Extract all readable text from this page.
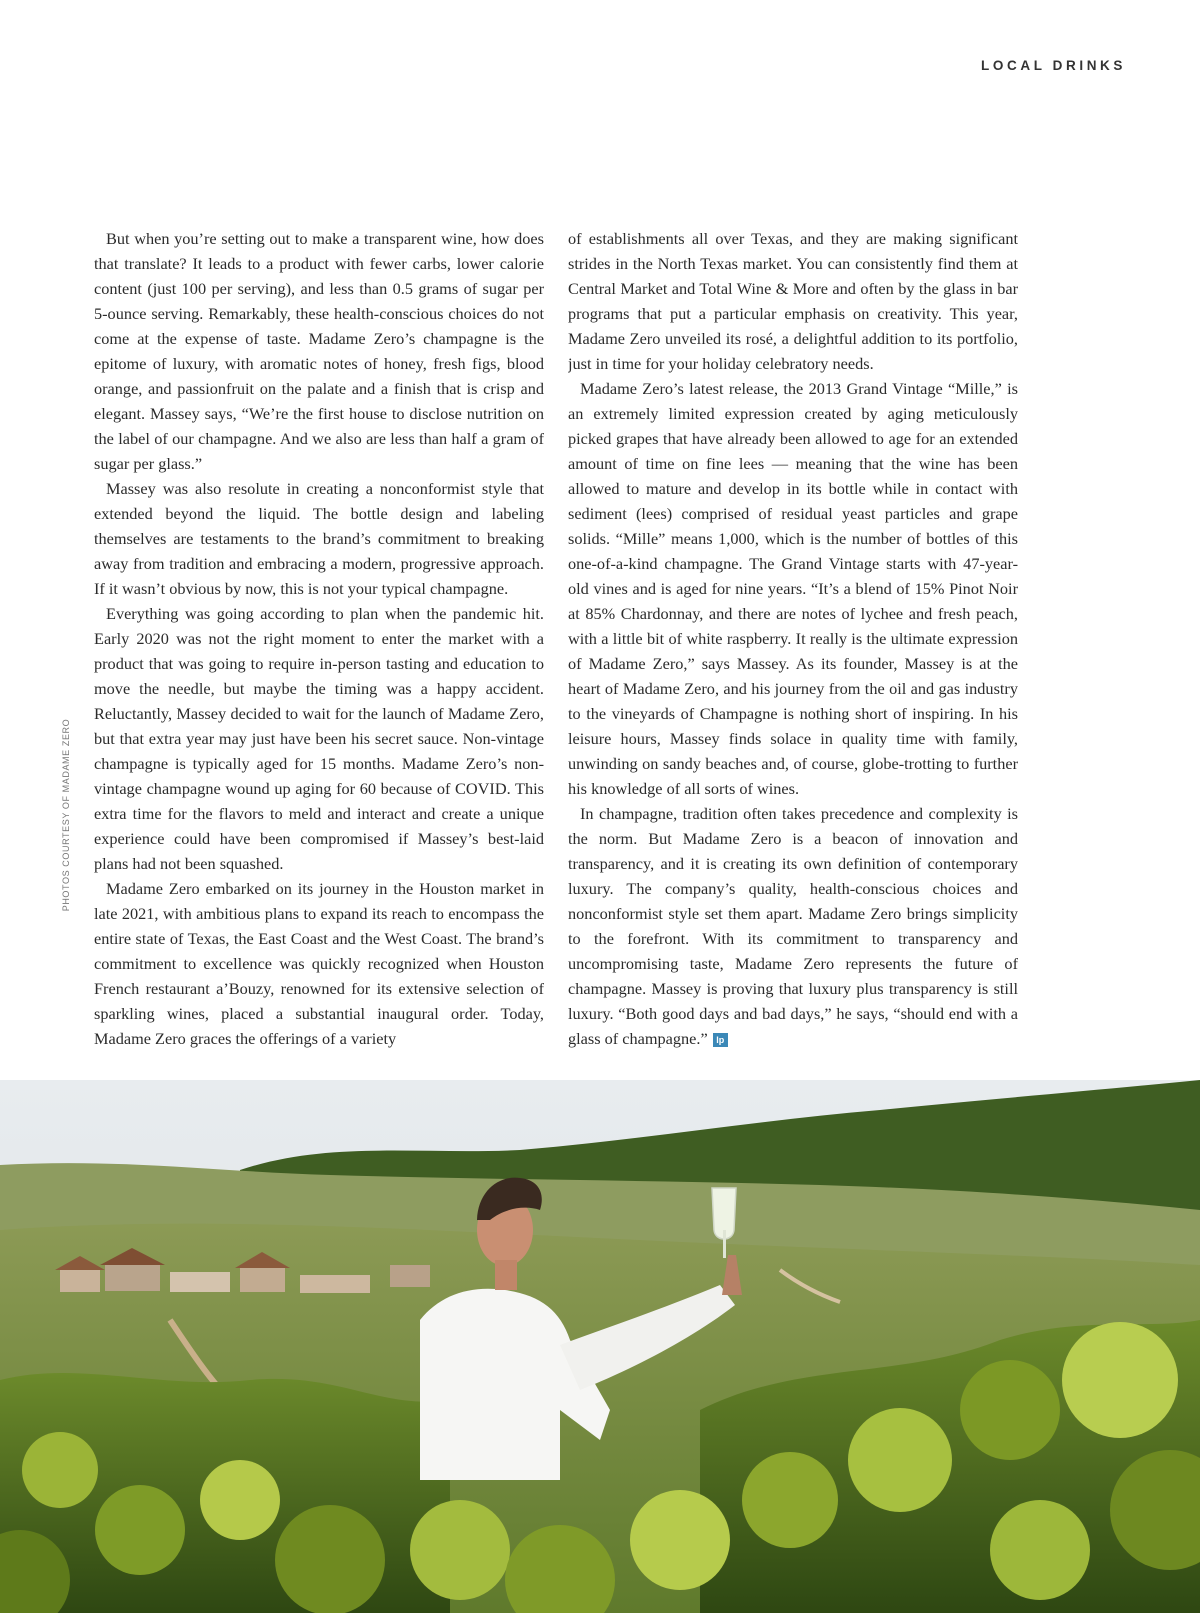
LOCAL DRINKS
PHOTOS COURTESY OF MADAME ZERO

But when you’re setting out to make a transparent wine, how does that translate? It leads to a product with fewer carbs, lower calorie content (just 100 per serving), and less than 0.5 grams of sugar per 5-ounce serving. Remarkably, these health-conscious choices do not come at the expense of taste. Madame Zero’s champagne is the epitome of luxury, with aromatic notes of honey, fresh figs, blood orange, and passionfruit on the palate and a finish that is crisp and elegant. Massey says, “We’re the first house to disclose nutrition on the label of our champagne. And we also are less than half a gram of sugar per glass.”

Massey was also resolute in creating a nonconformist style that extended beyond the liquid. The bottle design and labeling themselves are testaments to the brand’s commitment to breaking away from tradition and embracing a modern, progressive approach. If it wasn’t obvious by now, this is not your typical champagne.

Everything was going according to plan when the pandemic hit. Early 2020 was not the right moment to enter the market with a product that was going to require in-person tasting and education to move the needle, but maybe the timing was a happy accident. Reluctantly, Massey decided to wait for the launch of Madame Zero, but that extra year may just have been his secret sauce. Non-vintage champagne is typically aged for 15 months. Madame Zero’s non-vintage champagne wound up aging for 60 because of COVID. This extra time for the flavors to meld and interact and create a unique experience could have been compromised if Massey’s best-laid plans had not been squashed.

Madame Zero embarked on its journey in the Houston market in late 2021, with ambitious plans to expand its reach to encompass the entire state of Texas, the East Coast and the West Coast. The brand’s commitment to excellence was quickly recognized when Houston French restaurant a’Bouzy, renowned for its extensive selection of sparkling wines, placed a substantial inaugural order. Today, Madame Zero graces the offerings of a variety

of establishments all over Texas, and they are making significant strides in the North Texas market. You can consistently find them at Central Market and Total Wine & More and often by the glass in bar programs that put a particular emphasis on creativity. This year, Madame Zero unveiled its rosé, a delightful addition to its portfolio, just in time for your holiday celebratory needs.

Madame Zero’s latest release, the 2013 Grand Vintage “Mille,” is an extremely limited expression created by aging meticulously picked grapes that have already been allowed to age for an extended amount of time on fine lees — meaning that the wine has been allowed to mature and develop in its bottle while in contact with sediment (lees) comprised of residual yeast particles and grape solids. “Mille” means 1,000, which is the number of bottles of this one-of-a-kind champagne. The Grand Vintage starts with 47-year-old vines and is aged for nine years. “It’s a blend of 15% Pinot Noir at 85% Chardonnay, and there are notes of lychee and fresh peach, with a little bit of white raspberry. It really is the ultimate expression of Madame Zero,” says Massey. As its founder, Massey is at the heart of Madame Zero, and his journey from the oil and gas industry to the vineyards of Champagne is nothing short of inspiring. In his leisure hours, Massey finds solace in quality time with family, unwinding on sandy beaches and, of course, globe-trotting to further his knowledge of all sorts of wines.

In champagne, tradition often takes precedence and complexity is the norm. But Madame Zero is a beacon of innovation and transparency, and it is creating its own definition of contemporary luxury. The company’s quality, health-conscious choices and nonconformist style set them apart. Madame Zero brings simplicity to the forefront. With its commitment to transparency and uncompromising taste, Madame Zero represents the future of champagne. Massey is proving that luxury plus transparency is still luxury. “Both good days and bad days,” he says, “should end with a glass of champagne.” lp
